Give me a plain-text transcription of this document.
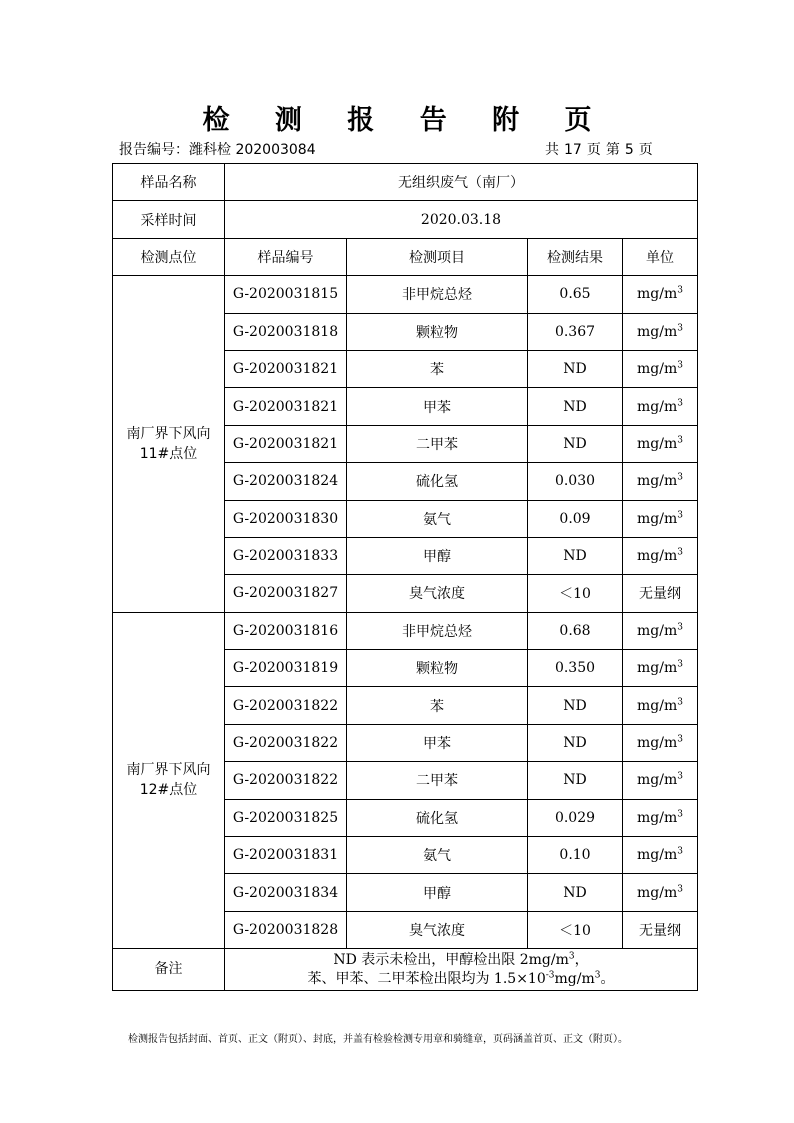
检 测 报 告 附 页
报告编号：潍科检 202003084	共 17 页 第 5 页
样品名称	无组织废气（南厂）			
采样时间	2020.03.18			
检测点位	样品编号	检测项目	检测结果	单位

南厂界下风向
11#点位	G-2020031815	非甲烷总烃	0.65	$mg/m^3$
	G-2020031818	颗粒物	0.367	$mg/m^3$
	G-2020031821	苯	ND	$mg/m^3$
	G-2020031821	甲苯	ND	$mg/m^3$
	G-2020031821	二甲苯	ND	$mg/m^3$
	G-2020031824	硫化氢	0.030	$mg/m^3$
	G-2020031830	氨气	0.09	$mg/m^3$
	G-2020031833	甲醇	ND	$mg/m^3$
	G-2020031827	臭气浓度	＜10	无量纲

南厂界下风向
12#点位	G-2020031816	非甲烷总烃	0.68	$mg/m^3$
	G-2020031819	颗粒物	0.350	$mg/m^3$
	G-2020031822	苯	ND	$mg/m^3$
	G-2020031822	甲苯	ND	$mg/m^3$
	G-2020031822	二甲苯	ND	$mg/m^3$
	G-2020031825	硫化氢	0.029	$mg/m^3$
	G-2020031831	氨气	0.10	$mg/m^3$
	G-2020031834	甲醇	ND	$mg/m^3$
	G-2020031828	臭气浓度	＜10	无量纲
备注	ND 表示未检出，甲醇检出限 $2mg/m^3$，
苯、甲苯、二甲苯检出限均为 $1.5\times 10^{-3}mg/m^3$。			
检测报告包括封面、首页、正文（附页）、封底，并盖有检验检测专用章和骑缝章，页码涵盖首页、正文（附页）。
